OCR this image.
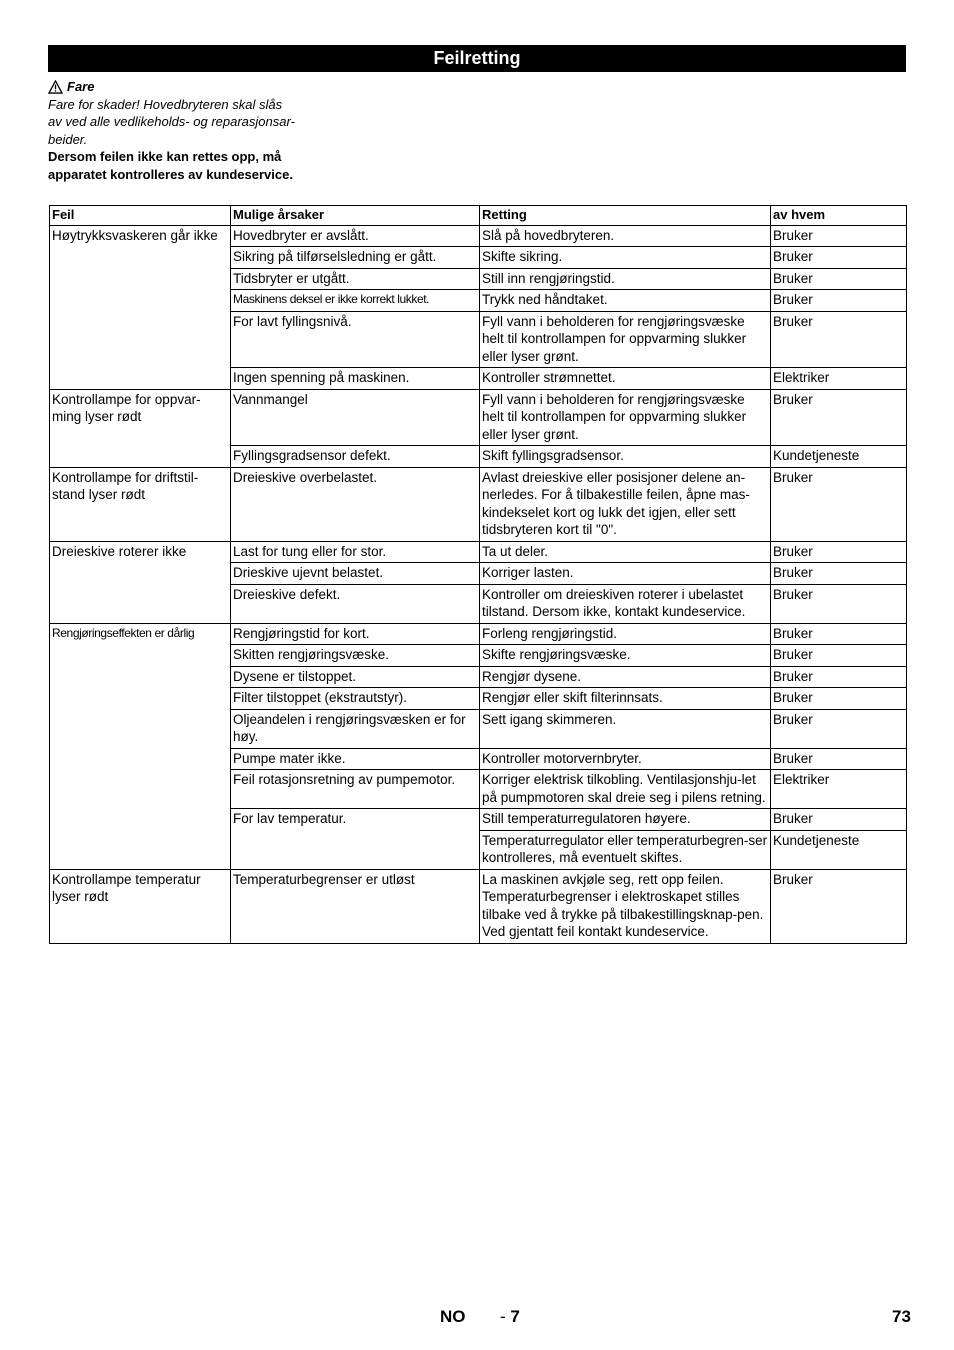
Feilretting
Fare
Fare for skader! Hovedbryteren skal slås
av ved alle vedlikeholds- og reparasjonsar-
beider.
Dersom feilen ikke kan rettes opp, må
apparatet kontrolleres av kundeservice.
Feil	Mulige årsaker	Retting	av hvem
Høytrykksvaskeren går ikke	Hovedbryter er avslått.	Slå på hovedbryteren.	Bruker
	Sikring på tilførselsledning er gått.	Skifte sikring.	Bruker
	Tidsbryter er utgått.	Still inn rengjøringstid.	Bruker
	Maskinens deksel er ikke korrekt lukket.	Trykk ned håndtaket.	Bruker
	For lavt fyllingsnivå.	Fyll vann i beholderen for rengjøringsvæske helt til kontrollampen for oppvarming slukker eller lyser grønt.	Bruker
	Ingen spenning på maskinen.	Kontroller strømnettet.	Elektriker
Kontrollampe for oppvar-ming lyser rødt	Vannmangel	Fyll vann i beholderen for rengjøringsvæske helt til kontrollampen for oppvarming slukker eller lyser grønt.	Bruker
	Fyllingsgradsensor defekt.	Skift fyllingsgradsensor.	Kundetjeneste
Kontrollampe for driftstil-stand lyser rødt	Dreieskive overbelastet.	Avlast dreieskive eller posisjoner delene an-nerledes. For å tilbakestille feilen, åpne mas-kindekselet kort og lukk det igjen, eller sett tidsbryteren kort til "0".	Bruker
Dreieskive roterer ikke	Last for tung eller for stor.	Ta ut deler.	Bruker
	Drieskive ujevnt belastet.	Korriger lasten.	Bruker
	Dreieskive defekt.	Kontroller om dreieskiven roterer i ubelastet tilstand. Dersom ikke, kontakt kundeservice.	Bruker
Rengjøringseffekten er dårlig	Rengjøringstid for kort.	Forleng rengjøringstid.	Bruker
	Skitten rengjøringsvæske.	Skifte rengjøringsvæske.	Bruker
	Dysene er tilstoppet.	Rengjør dysene.	Bruker
	Filter tilstoppet (ekstrautstyr).	Rengjør eller skift filterinnsats.	Bruker
	Oljeandelen i rengjøringsvæsken er for høy.	Sett igang skimmeren.	Bruker
	Pumpe mater ikke.	Kontroller motorvernbryter.	Bruker
	Feil rotasjonsretning av pumpemotor.	Korriger elektrisk tilkobling. Ventilasjonshju-let på pumpmotoren skal dreie seg i pilens retning.	Elektriker
	For lav temperatur.	Still temperaturregulatoren høyere.	Bruker
		Temperaturregulator eller temperaturbegren-ser kontrolleres, må eventuelt skiftes.	Kundetjeneste
Kontrollampe temperatur lyser rødt	Temperaturbegrenser er utløst	La maskinen avkjøle seg, rett opp feilen. Temperaturbegrenser i elektroskapet stilles tilbake ved å trykke på tilbakestillingsknap-pen. Ved gjentatt feil kontakt kundeservice.	Bruker
NO - 7	73
